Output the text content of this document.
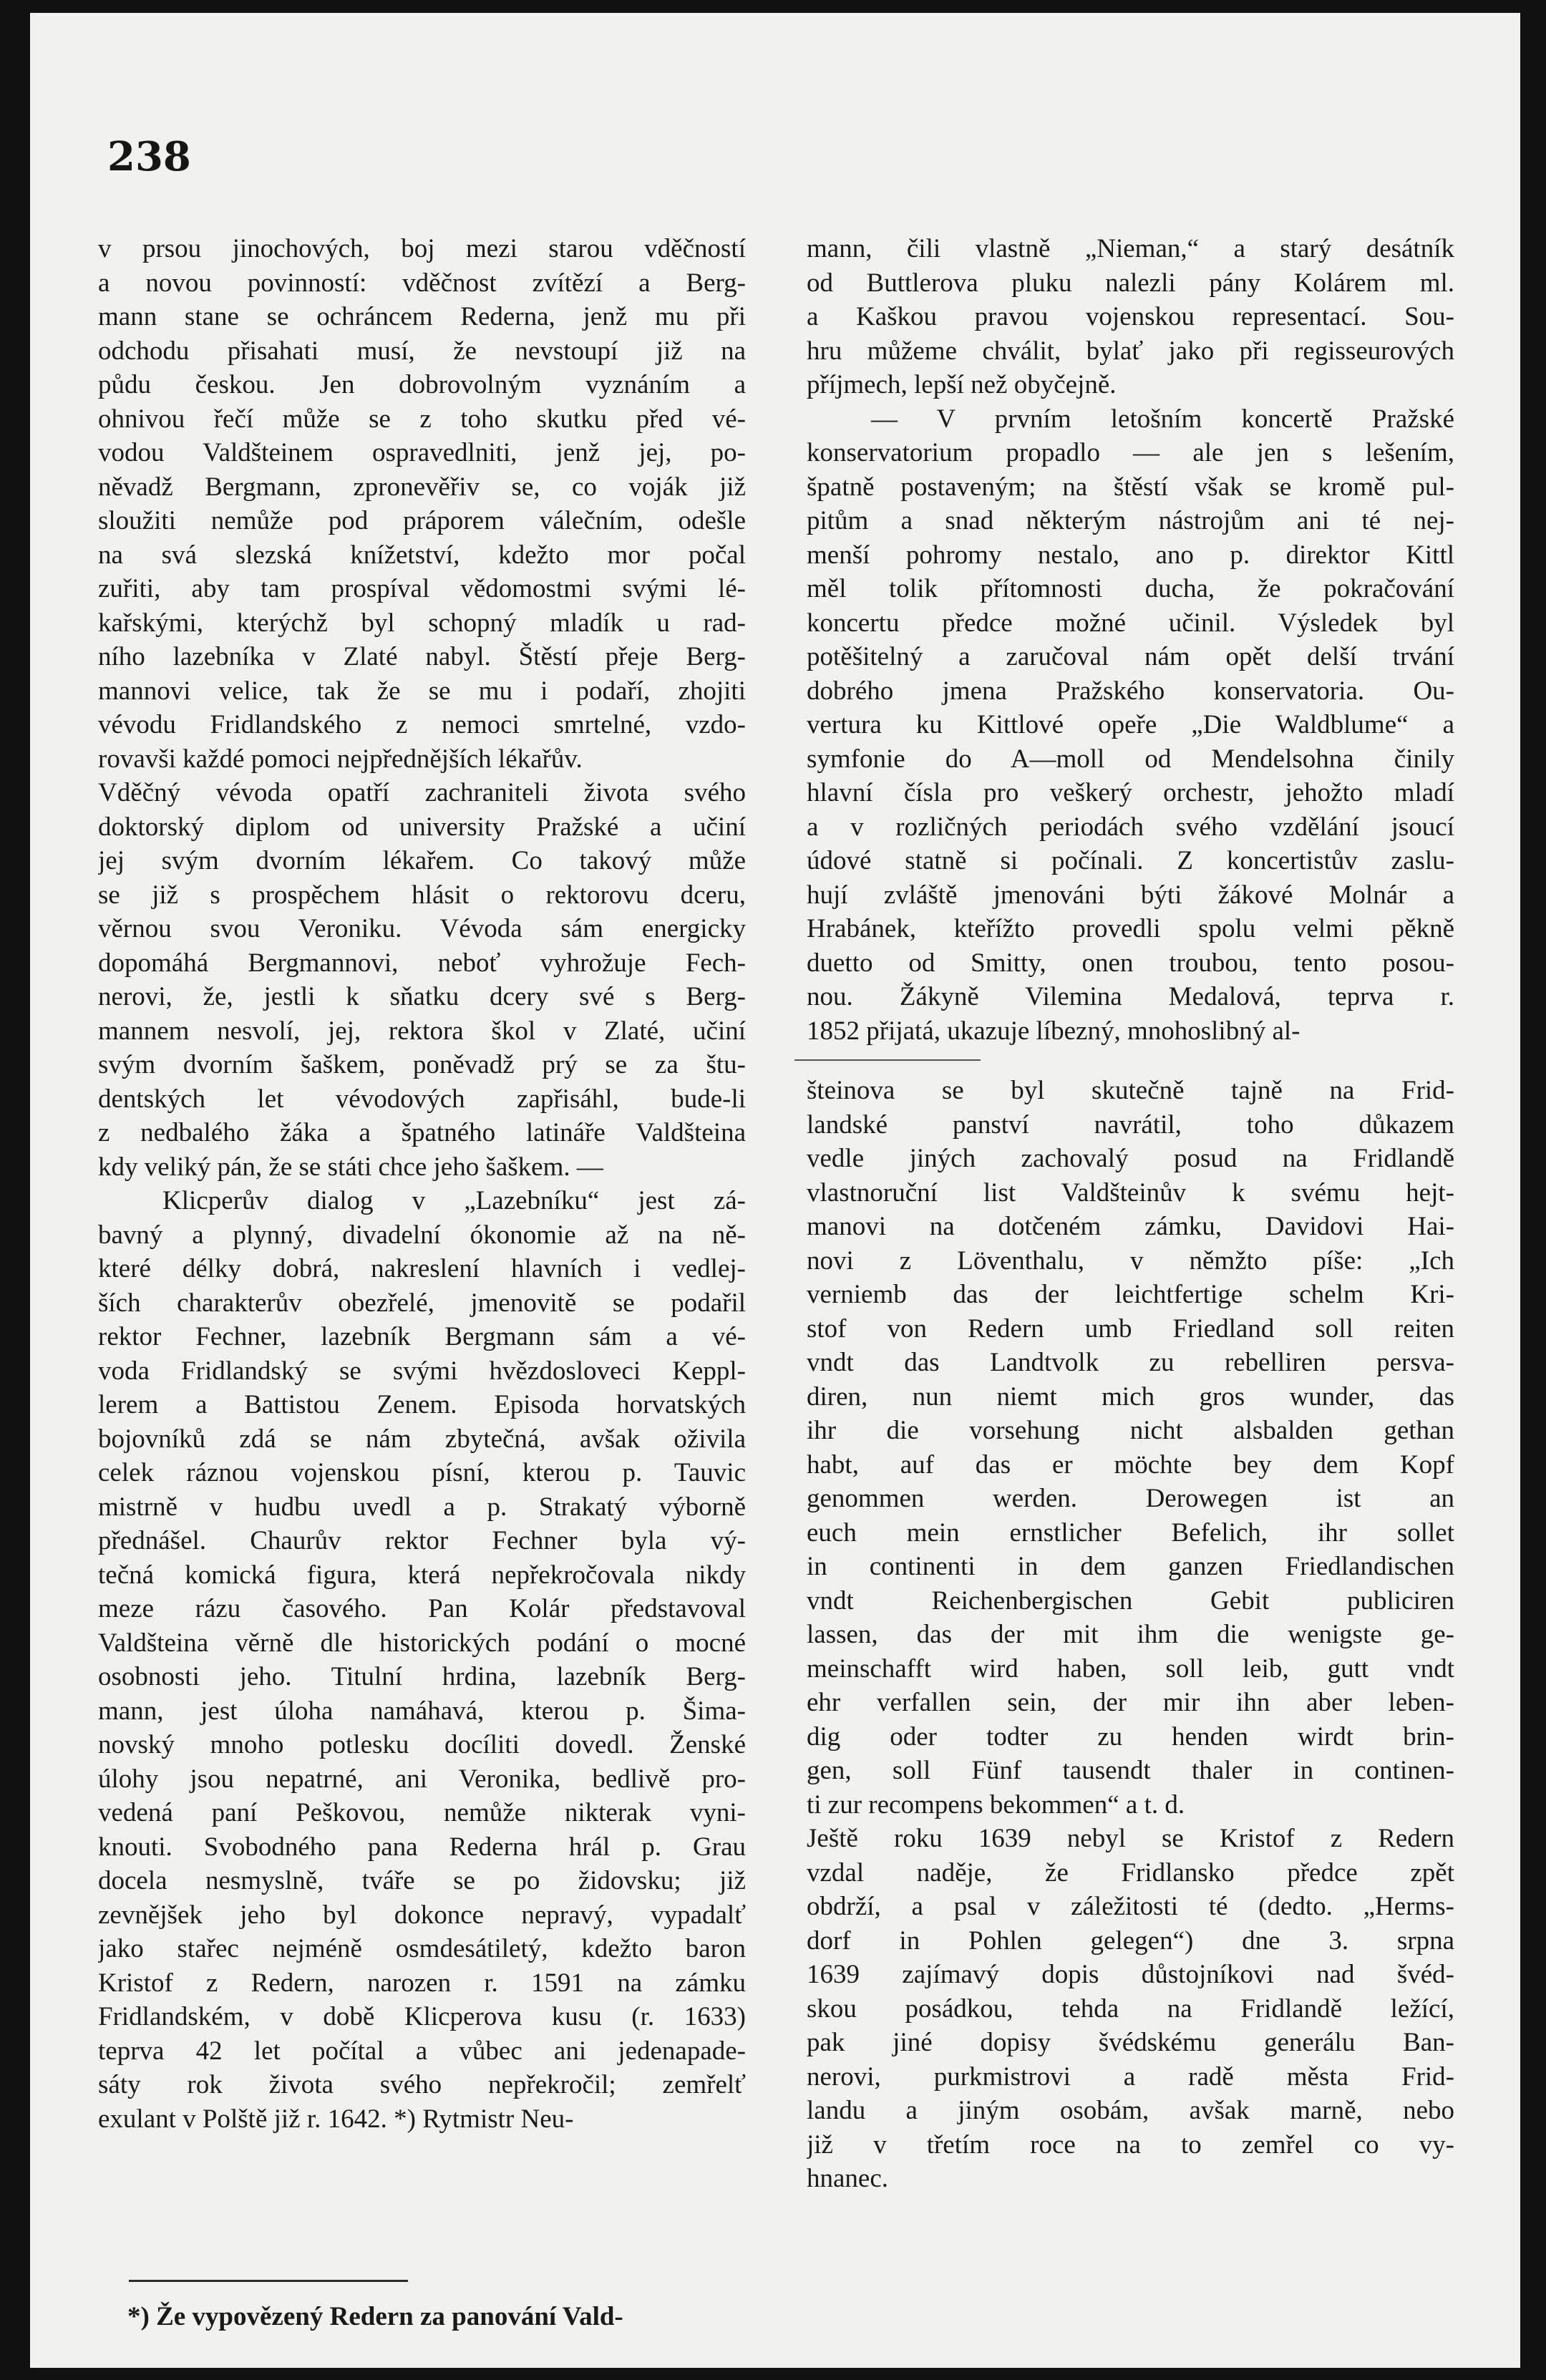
238
v prsou jinochových, boj mezi starou vděčností
a novou povinností: vděčnost zvítězí a Berg-
mann stane se ochráncem Rederna, jenž mu při
odchodu přisahati musí, že nevstoupí již na
půdu českou. Jen dobrovolným vyznáním a
ohnivou řečí může se z toho skutku před vé-
vodou Valdšteinem ospravedlniti, jenž jej, po-
něvadž Bergmann, zpronevěřiv se, co voják již
sloužiti nemůže pod práporem válečním, odešle
na svá slezská knížetství, kdežto mor počal
zuřiti, aby tam prospíval vědomostmi svými lé-
kařskými, kterýchž byl schopný mladík u rad-
ního lazebníka v Zlaté nabyl. Štěstí přeje Berg-
mannovi velice, tak že se mu i podaří, zhojiti
vévodu Fridlandského z nemoci smrtelné, vzdo-
rovavši každé pomoci nejpřednějších lékařův.
Vděčný vévoda opatří zachraniteli života svého
doktorský diplom od university Pražské a učiní
jej svým dvorním lékařem. Co takový může
se již s prospěchem hlásit o rektorovu dceru,
věrnou svou Veroniku. Vévoda sám energicky
dopomáhá Bergmannovi, neboť vyhrožuje Fech-
nerovi, že, jestli k sňatku dcery své s Berg-
mannem nesvolí, jej, rektora škol v Zlaté, učiní
svým dvorním šaškem, poněvadž prý se za štu-
dentských let vévodových zapřisáhl, bude-li
z nedbalého žáka a špatného latináře Valdšteina
kdy veliký pán, že se státi chce jeho šaškem. —
Klicperův dialog v „Lazebníku“ jest zá-
bavný a plynný, divadelní ókonomie až na ně-
které délky dobrá, nakreslení hlavních i vedlej-
ších charakterův obezřelé, jmenovitě se podařil
rektor Fechner, lazebník Bergmann sám a vé-
voda Fridlandský se svými hvězdosloveci Keppl-
lerem a Battistou Zenem. Episoda horvatských
bojovníků zdá se nám zbytečná, avšak oživila
celek ráznou vojenskou písní, kterou p. Tauvic
mistrně v hudbu uvedl a p. Strakatý výborně
přednášel. Chaurův rektor Fechner byla vý-
tečná komická figura, která nepřekročovala nikdy
meze rázu časového. Pan Kolár představoval
Valdšteina věrně dle historických podání o mocné
osobnosti jeho. Titulní hrdina, lazebník Berg-
mann, jest úloha namáhavá, kterou p. Šima-
novský mnoho potlesku docíliti dovedl. Ženské
úlohy jsou nepatrné, ani Veronika, bedlivě pro-
vedená paní Peškovou, nemůže nikterak vyni-
knouti. Svobodného pana Rederna hrál p. Grau
docela nesmyslně, tváře se po židovsku; již
zevnějšek jeho byl dokonce nepravý, vypadalť
jako stařec nejméně osmdesátiletý, kdežto baron
Kristof z Redern, narozen r. 1591 na zámku
Fridlandském, v době Klicperova kusu (r. 1633)
teprva 42 let počítal a vůbec ani jedenapade-
sáty rok života svého nepřekročil; zemřelť
exulant v Polště již r. 1642. *) Rytmistr Neu-
mann, čili vlastně „Nieman,“ a starý desátník
od Buttlerova pluku nalezli pány Kolárem ml.
a Kaškou pravou vojenskou representací. Sou-
hru můžeme chválit, bylať jako při regisseurových
příjmech, lepší než obyčejně.
— V prvním letošním koncertě Pražské
konservatorium propadlo — ale jen s lešením,
špatně postaveným; na štěstí však se kromě pul-
pitům a snad některým nástrojům ani té nej-
menší pohromy nestalo, ano p. direktor Kittl
měl tolik přítomnosti ducha, že pokračování
koncertu předce možné učinil. Výsledek byl
potěšitelný a zaručoval nám opět delší trvání
dobrého jmena Pražského konservatoria. Ou-
vertura ku Kittlové opeře „Die Waldblume“ a
symfonie do A—moll od Mendelsohna činily
hlavní čísla pro veškerý orchestr, jehožto mladí
a v rozličných periodách svého vzdělání jsoucí
údové statně si počínali. Z koncertistův zaslu-
hují zvláště jmenováni býti žákové Molnár a
Hrabánek, kteřížto provedli spolu velmi pěkně
duetto od Smitty, onen troubou, tento posou-
nou. Žákyně Vilemina Medalová, teprva r.
1852 přijatá, ukazuje líbezný, mnohoslibný al-
šteinova se byl skutečně tajně na Frid-
landské panství navrátil, toho důkazem
vedle jiných zachovalý posud na Fridlandě
vlastnoruční list Valdšteinův k svému hejt-
manovi na dotčeném zámku, Davidovi Hai-
novi z Löventhalu, v němžto píše: „Ich
verniemb das der leichtfertige schelm Kri-
stof von Redern umb Friedland soll reiten
vndt das Landtvolk zu rebelliren persva-
diren, nun niemt mich gros wunder, das
ihr die vorsehung nicht alsbalden gethan
habt, auf das er möchte bey dem Kopf
genommen werden. Derowegen ist an
euch mein ernstlicher Befelich, ihr sollet
in continenti in dem ganzen Friedlandischen
vndt Reichenbergischen Gebit publiciren
lassen, das der mit ihm die wenigste ge-
meinschafft wird haben, soll leib, gutt vndt
ehr verfallen sein, der mir ihn aber leben-
dig oder todter zu henden wirdt brin-
gen, soll Fünf tausendt thaler in continen-
ti zur recompens bekommen“ a t. d.
Ještě roku 1639 nebyl se Kristof z Redern
vzdal naděje, že Fridlansko předce zpět
obdrží, a psal v záležitosti té (dedto. „Herms-
dorf in Pohlen gelegen“) dne 3. srpna
1639 zajímavý dopis důstojníkovi nad švéd-
skou posádkou, tehda na Fridlandě ležící,
pak jiné dopisy švédskému generálu Ban-
nerovi, purkmistrovi a radě města Frid-
landu a jiným osobám, avšak marně, nebo
již v třetím roce na to zemřel co vy-
hnanec.

*) Že vypovězený Redern za panování Vald-
